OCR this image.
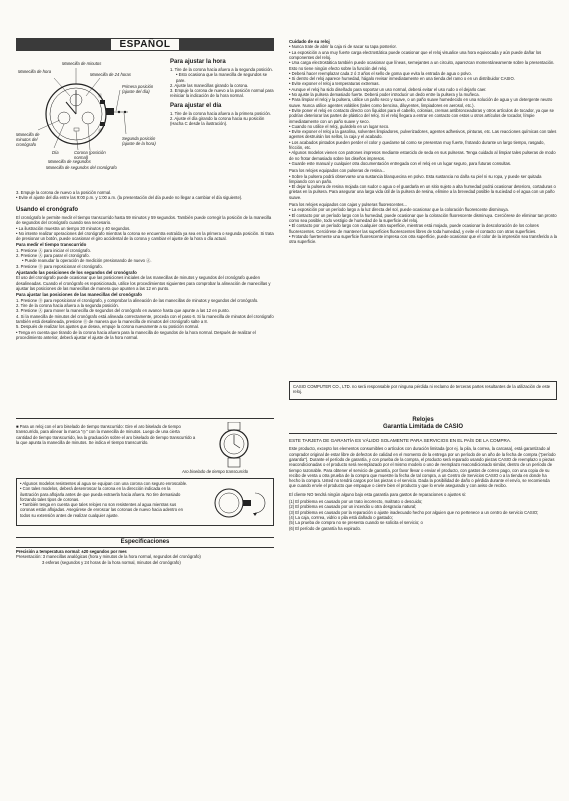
ESPAÑOL
Manecilla de minutos
Manecilla de hora
Manecilla de 24 horas
Ⓐ
Primera posición (ajuste del día)
Segunda posición (ajuste de la hora)
Ⓑ
Manecilla de minutos del cronógrafo
Día	Corona (posición normal)
Manecilla de segundos
Manecilla de segundos del cronógrafo

Para ajustar la hora

1. Tire de la corona hacia afuera a la segunda posición.

• Esto ocasiona que la manecilla de segundos se pare.

2. Ajuste las manecillas girando la corona.

3. Empuje la corona de nuevo a la posición normal para reiniciar la indicación de la hora normal.

Para ajustar el día

1. Tire de la corona hacia afuera a la primera posición.

2. Ajuste el día girando la corona hacia su posición (Hacha C desde la ilustración).

3. Empuje la corona de nuevo a la posición normal.

• Evite el ajuste del día entre las 9:00 p.m. y 1:00 a.m. (la presentación del día puede no llegar a cambiar el día siguiente).

Usando el cronógrafo

El cronógrafo le permite medir el tiempo transcurrido hasta 59 minutos y 59 segundos. También puede corregir la posición de la manecilla de segundos del cronógrafo cuando sea necesario.

• La ilustración muestra un tiempo 20 minutos y 40 segundos.

• No intente realizar operaciones del cronógrafo mientras la corona se encuentra extraída ya sea en la primera o segunda posición. Si trata de presionar un botón, puede ocasionar el giro accidental de la corona y cambiar el ajuste de la hora o día actual.

Para medir el tiempo transcurrido

1. Presione Ⓐ para iniciar el cronógrafo.

2. Presione Ⓐ para parar el cronógrafo.

• Puede reanudar la operación de medición presionando de nuevo Ⓐ.

3. Presione Ⓑ para reposicionar el cronógrafo.

Ajustando las posiciones de los segundos del cronógrafo

El uso del cronógrafo puede ocasionar que las posiciones iniciales de las manecillas de minutos y segundos del cronógrafo queden desalineadas. Cuando el cronógrafo es reposicionado, utilice los procedimientos siguientes para comprobar la alineación de manecillas y ajustar las posiciones de las manecillas de manera que apunten a las 12 en punto.

Para ajustar las posiciones de las manecillas del cronógrafo

1. Presione Ⓑ para reposicionar el cronógrafo, y comprobar la alineación de las manecillas de minutos y segundos del cronógrafo.

2. Tire de la corona hacia afuera a la segunda posición.

3. Presione Ⓐ para mover la manecilla de segundos del cronógrafo en avance hasta que apunte a las 12 en punto.

4. Si la manecilla de minutos del cronógrafo está alineada correctamente, proceda con el paso 6. Si la manecilla de minutos del cronógrafo también está desalineada, presione Ⓑ de manera que la manecilla de minutos del cronógrafo salte a 8.

5. Después de realizar los ajustes que desea, empuje la corona nuevamente a su posición normal.

• Tenga en cuenta que tirando de la corona hacia afuera para la manecilla de segundos de la hora normal. Después de realizar el procedimiento anterior, deberá ajustar el ajuste de la hora normal.

■ Para un reloj con el aro biselado de tiempo transcurrido: Gire el aro biselado de tiempo transcurrido, para alinear la marca "◎" con la manecilla de minutos. Luego de una cierta cantidad de tiempo transcurrido, lea la graduación sobre el aro biselado de tiempo transcurrido a la que apunta la manecilla de minutos. Se indica el tiempo transcurrido.

Aro biselado de tiempo transcurrido

• Algunos modelos resistentes al agua se equipan con una corona con seguro enroscable.

• Con tales modelos, deberá desenroscar la corona en la dirección indicada en la ilustración para aflojarla antes de que pueda extraerla hacia afuera. No tire demasiado forzando tales tipos de coronas.

• También tenga en cuenta que tales relojes no son resistentes al agua mientras sus coronas están aflojadas. Asegúrese de enroscar las coronas de nuevo hacia adentro en todos su extensión antes de realizar cualquier ajuste.

Especificaciones

Precisión a temperatura normal: ±20 segundos por mes

Presentación: 3 manecillas analógicas (hora y minutos de la hora normal, segundos del cronógrafo)

3 esferas (segundos y 24 horas de la hora normal, minutos del cronógrafo)

Cuidado de su reloj

• Nunca trate de abrir la caja ni de sacar su tapa posterior.

• La exposición a una muy fuerte carga electrostática puede ocasionar que el reloj visualice una hora equivocada y aún puede dañar los componentes del reloj.

• Una carga electrostática también puede ocasionar que líneas, semejantes a un circuito, aparezcan momentáneamente sobre la presentación. Esto no tiene ningún efecto sobre la función del reloj.

• Deberá hacer reemplazar cada 2 ó 3 años el sello de goma que evita la entrada de agua o polvo.

• Si dentro del reloj aparece humedad, hágalo revisar inmediatamente en una tienda del ramo o en un distribuidor CASIO.

• Evite exponer el reloj a temperaturas extremas.

• Aunque el reloj ha sido diseñado para soportar un uso normal, deberá evitar el uso rudo o el dejarlo caer.

• No ajuste la pulsera demasiado fuerte. Deberá poder introducir un dedo entre la pulsera y la muñeca.

• Para limpiar el reloj y la pulsera, utilice un paño seco y suave, o un paño suave humedecido en una solución de agua y un detergente neutro suave. Nunca utilice agentes volátiles (tales como bencina, diluyentes, limpiadores en aerosol, etc.).

• Evite poner el reloj en contacto directo con líquidos para el cabello, colonias, cremas antibronceadoras y otros artículos de tocador, ya que se podrían deteriorar las partes de plástico del reloj. Si el reloj llegara a entrar en contacto con estos u otros artículos de tocador, límpie inmediatamente con un paño suave y seco.

• Cuando no utilice el reloj, guárdelo en un lugar seco.

• Evite exponer el reloj a la gasolina, solventes limpiadores, pulverizadores, agentes adhesivos, pinturas, etc. Las reacciones químicas con tales agentes destruirán los sellos, la caja y el acabado.

• Los acabados pintados pueden perder el color y quedarse tal como se presentan muy fuerte, frotando durante un largo tiempo, rasgado, fricción, etc.

• Algunos modelos vienen con patrones impresos mediante estarcido de seda en sus pulseras. Tenga cuidado al limpiar tales pulseras de modo de no frotar demasiado sobre los diseños impresos.

• Guarde este manual y cualquier otra documentación entregada con el reloj en un lugar seguro, para futuras consultas.

Para los relojes equipados con pulseras de resina...

• Sobre la pulsera podrá observarse una sustancia blanquecina en polvo. Esta sustancia no daña su piel ni su ropa, y puede ser quitada limpiando con un paño.

• El dejar la pulsera de resina mojada con sudor o agua o el guardarla en un sitio sujeto a alta humedad podrá ocasionar deterioro, cortaduras o grietas en la pulsera. Para asegurar una larga vida útil de la pulsera de resina, elimine a la brevedad posible la suciedad o el agua con un paño suave.

Para los relojes equipados con cajas y pulseras fluorescentes...

• La exposición por un período largo a la luz directa del sol, puede ocasionar que la coloración fluorescente disminuya.

• El contacto por un período largo con la humedad, puede ocasionar que la coloración fluorescente disminuya. Cerciórese de eliminar tan pronto como sea posible, todo vestigio de humedad de la superficie del reloj.

• El contacto por un período largo con cualquier otra superficie, mientras está mojado, puede ocasionar la descoloración de los colores fluorescentes. Cerciórese de mantener las superficies fluorescentes libres de toda humedad, y evite el contacto con otras superficies.

• Frotando fuertemente una superficie fluorescente impresa con otra superficie, puede ocasionar que el color de la impresión sea transferido a la otra superficie.

CASIO COMPUTER CO., LTD. no será responsable por ninguna pérdida ni reclamo de terceras partes resultantes de la utilización de este reloj.

Relojes

Garantía Limitada de CASIO

ESTE TARJETA DE GARANTÍA ES VÁLIDO SOLAMENTE PARA SERVICIOS EN EL PAÍS DE LA COMPRA.

Este producto, excepto los elementos consumibles o artículos con duración limitada (por ej. la pila, la correa, la carcasa), está garantizado al comprador original de estar libre de defectos de calidad en el momento de la entrega por un período de un año de la fecha de compra ("período garantía"). Durante el período de garantía, y con prueba de la compra, el producto será reparado usando piezas CASIO de reemplazo o piezas reacondicionadas o el producto será reemplazado por el mismo modelo o uno de reemplazo reacondicionado similar, dentro de un período de tiempo razonable. Para obtener el servicio de garantía, por favor llevar o enviar el producto, con gastos de correo pago, con una copia de su recibo de venta u otra prueba de la compra que muestre la fecha de tal compra, a un Centro de Servicios CASIO o a la tienda en donde ha hecho la compra. Usted no tendrá cargos por las piezas o el servicio. Dada la posibilidad de daño o pérdida durante el envío, se recomienda que cuando envíe el producto que empaque o cierre bien el producto y que lo envíe asegurado y con aviso de recibo.

El cliente NO tendrá ningún alguno bajo esta garantía para gastos de reparaciones o ajustes si:

(1) El problema es causado por un trato incorrecto, maltrato o descuido;

(2) El problema es causado por un incendio u otra desgracia natural;

(3) El problema es causado por la reparación o ajuste inadecuado hecho por alguien que no pertenece a un centro de servicio CASIO;

(4) La caja, corrrea, vidrio o pila está dañado o gastado;

(5) La prueba de compra no se presenta cuando se solicita el servicio; o

(6) El período de garantía ha expirado.
